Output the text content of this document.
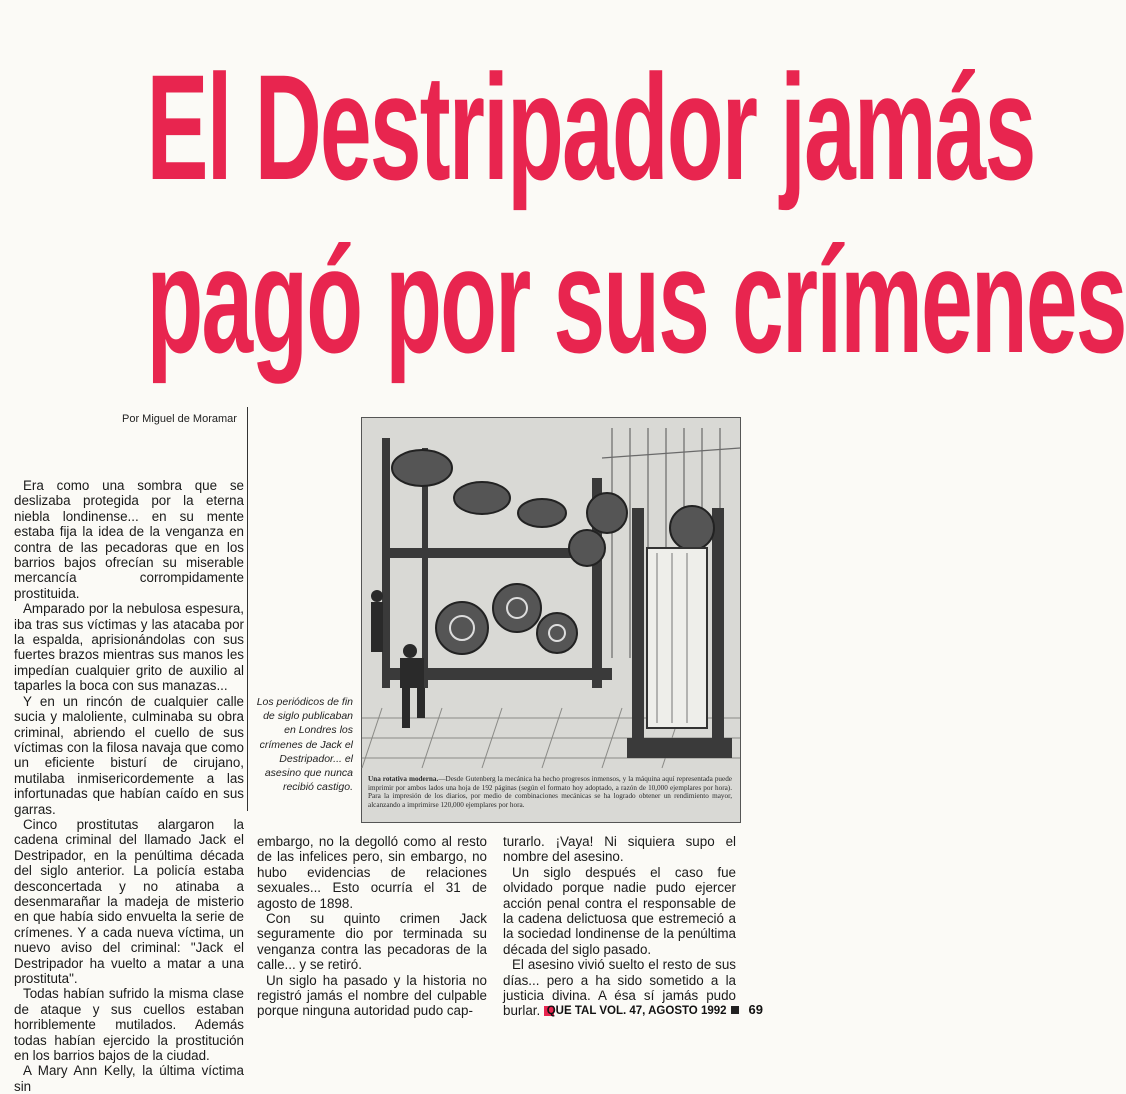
El Destripador jamás
pagó por sus crímenes
Por Miguel de Moramar

Era como una sombra que se deslizaba protegida por la eterna niebla londinense... en su mente estaba fija la idea de la venganza en contra de las pecadoras que en los barrios bajos ofrecían su miserable mercancía corrompidamente prostituida.

Amparado por la nebulosa espesura, iba tras sus víctimas y las atacaba por la espalda, aprisionándolas con sus fuertes brazos mientras sus manos les impedían cualquier grito de auxilio al taparles la boca con sus manazas...

Y en un rincón de cualquier calle sucia y maloliente, culminaba su obra criminal, abriendo el cuello de sus víctimas con la filosa navaja que como un eficiente bisturí de cirujano, mutilaba inmisericordemente a las infortunadas que habían caído en sus garras.

Cinco prostitutas alargaron la cadena criminal del llamado Jack el Destripador, en la penúltima década del siglo anterior. La policía estaba desconcertada y no atinaba a desenmarañar la madeja de misterio en que había sido envuelta la serie de crímenes. Y a cada nueva víctima, un nuevo aviso del criminal: "Jack el Destripador ha vuelto a matar a una prostituta".

Todas habían sufrido la misma clase de ataque y sus cuellos estaban horriblemente mutilados. Además todas habían ejercido la prostitución en los barrios bajos de la ciudad.

A Mary Ann Kelly, la última víctima sin

Los periódicos de fin de siglo publicaban en Londres los crímenes de Jack el Destripador... el asesino que nunca recibió castigo.
Una rotativa moderna.—Desde Gutenberg la mecánica ha hecho progresos inmensos, y la máquina aquí representada puede imprimir por ambos lados una hoja de 192 páginas (según el formato hoy adoptado, a razón de 10,000 ejemplares por hora). Para la impresión de los diarios, por medio de combinaciones mecánicas se ha logrado obtener un rendimiento mayor, alcanzando a imprimirse 120,000 ejemplares por hora.

embargo, no la degolló como al resto de las infelices pero, sin embargo, no hubo evidencias de relaciones sexuales... Esto ocurría el 31 de agosto de 1898.

Con su quinto crimen Jack seguramente dio por terminada su venganza contra las pecadoras de la calle... y se retiró.

Un siglo ha pasado y la historia no registró jamás el nombre del culpable porque ninguna autoridad pudo cap-

turarlo. ¡Vaya! Ni siquiera supo el nombre del asesino.

Un siglo después el caso fue olvidado porque nadie pudo ejercer acción penal contra el responsable de la cadena delictuosa que estremeció a la sociedad londinense de la penúltima década del siglo pasado.

El asesino vivió suelto el resto de sus días... pero a ha sido sometido a la justicia divina. A ésa sí jamás pudo burlar. QUE TAL VOL. 47, AGOSTO 1992 69
